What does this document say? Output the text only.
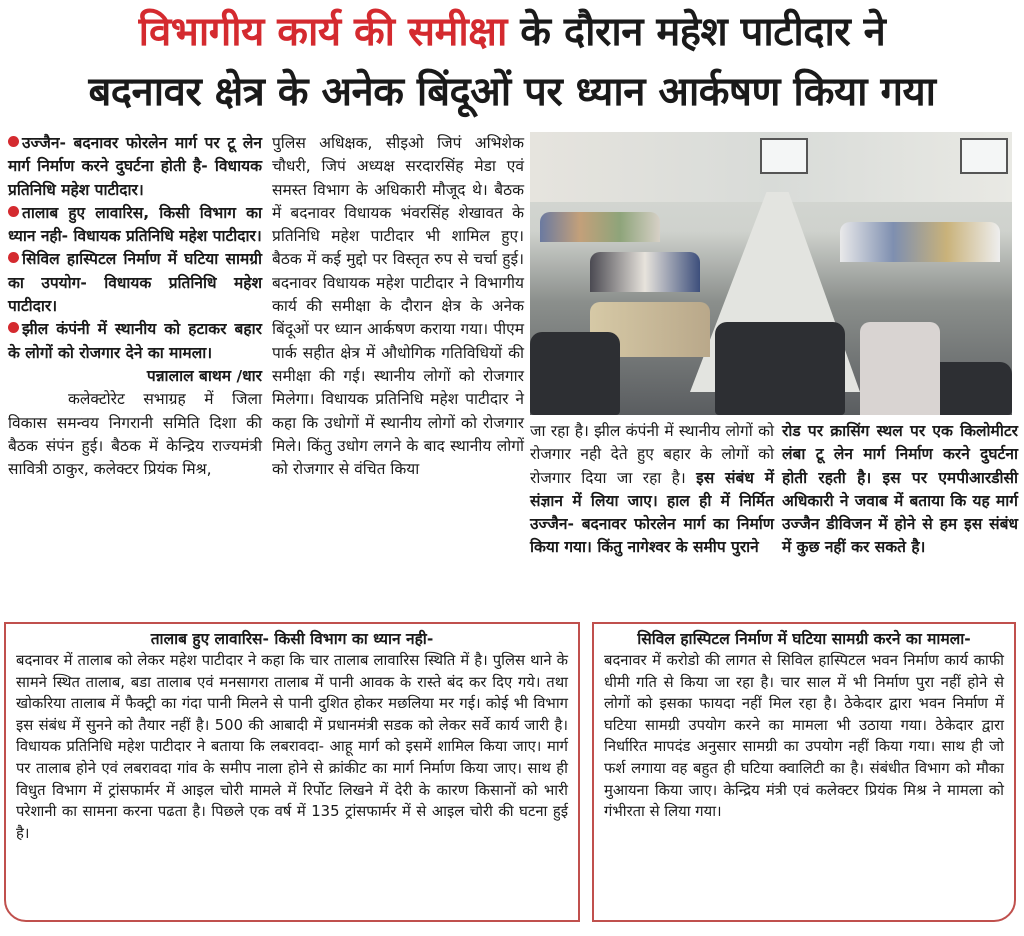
विभागीय कार्य की समीक्षा के दौरान महेश पाटीदार ने
बदनावर क्षेत्र के अनेक बिंदूओं पर ध्यान आर्कषण किया गया

उज्जैन- बदनावर फोरलेन मार्ग पर टू लेन मार्ग निर्माण करने दुघर्टना होती है- विधायक प्रतिनिधि महेश पाटीदार।

तालाब हुए लावारिस, किसी विभाग का ध्यान नही- विधायक प्रतिनिधि महेश पाटीदार।

सिविल हास्पिटल निर्माण में घटिया सामग्री का उपयोग- विधायक प्रतिनिधि महेश पाटीदार।

झील कंपंनी में स्थानीय को हटाकर बहार के लोगों को रोजगार देने का मामला।

पन्नालाल बाथम /धार

कलेक्टोरेट सभाग्रह में जिला विकास समन्वय निगरानी समिति दिशा की बैठक संपंन हुई। बैठक में केन्द्रिय राज्यमंत्री सावित्री ठाकुर, कलेक्टर प्रियंक मिश्र,

पुलिस अधिक्षक, सीइओ जिपं अभिशेक चौधरी, जिपं अध्यक्ष सरदारसिंह मेडा एवं समस्त विभाग के अधिकारी मौजूद थे। बैठक में बदनावर विधायक भंवरसिंह शेखावत के प्रतिनिधि महेश पाटीदार भी शामिल हुए। बैठक में कई मुद्दो पर विस्तृत रुप से चर्चा हुई। बदनावर विधायक महेश पाटीदार ने विभागीय कार्य की समीक्षा के दौरान क्षेत्र के अनेक बिंदूओं पर ध्यान आर्कषण कराया गया। पीएम पार्क सहीत क्षेत्र में औधोगिक गतिविधियों की समीक्षा की गई। स्थानीय लोगों को रोजगार मिलेगा। विधायक प्रतिनिधि महेश पाटीदार ने कहा कि उधोगों में स्थानीय लोगों को रोजगार मिले। किंतु उधोग लगने के बाद स्थानीय लोगों को रोजगार से वंचित किया

जा रहा है। झील कंपंनी में स्थानीय लोगों को रोजगार नही देते हुए बहार के लोगों को रोजगार दिया जा रहा है। इस संबंध में संज्ञान में लिया जाए। हाल ही में निर्मित उज्जैन- बदनावर फोरलेन मार्ग का निर्माण किया गया। किंतु नागेश्वर के समीप पुराने

रोड पर क्रासिंग स्थल पर एक किलोमीटर लंबा टू लेन मार्ग निर्माण करने दुघर्टना होती रहती है। इस पर एमपीआरडीसी अधिकारी ने जवाब में बताया कि यह मार्ग उज्जैन डीविजन में होने से हम इस संबंध में कुछ नहीं कर सकते है।

तालाब हुए लावारिस- किसी विभाग का ध्यान नही-

बदनावर में तालाब को लेकर महेश पाटीदार ने कहा कि चार तालाब लावारिस स्थिति में है। पुलिस थाने के सामने स्थित तालाब, बडा तालाब एवं मनसागरा तालाब में पानी आवक के रास्ते बंद कर दिए गये। तथा खोकरिया तालाब में फैक्ट्री का गंदा पानी मिलने से पानी दुशित होकर मछलिया मर गई। कोई भी विभाग इस संबंध में सुनने को तैयार नहीं है। 500 की आबादी में प्रधानमंत्री सडक को लेकर सर्वे कार्य जारी है। विधायक प्रतिनिधि महेश पाटीदार ने बताया कि लबरावदा- आहू मार्ग को इसमें शामिल किया जाए। मार्ग पर तालाब होने एवं लबरावदा गांव के समीप नाला होने से क्रांकीट का मार्ग निर्माण किया जाए। साथ ही विधुत विभाग में ट्रांसफार्मर में आइल चोरी मामले में रिर्पोट लिखने में देरी के कारण किसानों को भारी परेशानी का सामना करना पढता है। पिछले एक वर्ष में 135 ट्रांसफार्मर में से आइल चोरी की घटना हुई है।

सिविल हास्पिटल निर्माण में घटिया सामग्री करने का मामला-

बदनावर में करोडो की लागत से सिविल हास्पिटल भवन निर्माण कार्य काफी धीमी गति से किया जा रहा है। चार साल में भी निर्माण पुरा नहीं होने से लोगों को इसका फायदा नहीं मिल रहा है। ठेकेदार द्वारा भवन निर्माण में घटिया सामग्री उपयोग करने का मामला भी उठाया गया। ठेकेदार द्वारा निर्धारित मापदंड अनुसार सामग्री का उपयोग नहीं किया गया। साथ ही जो फर्श लगाया वह बहुत ही घटिया क्वालिटी का है। संबंधीत विभाग को मौका मुआयना किया जाए। केन्द्रिय मंत्री एवं कलेक्टर प्रियंक मिश्र ने मामला को गंभीरता से लिया गया।
